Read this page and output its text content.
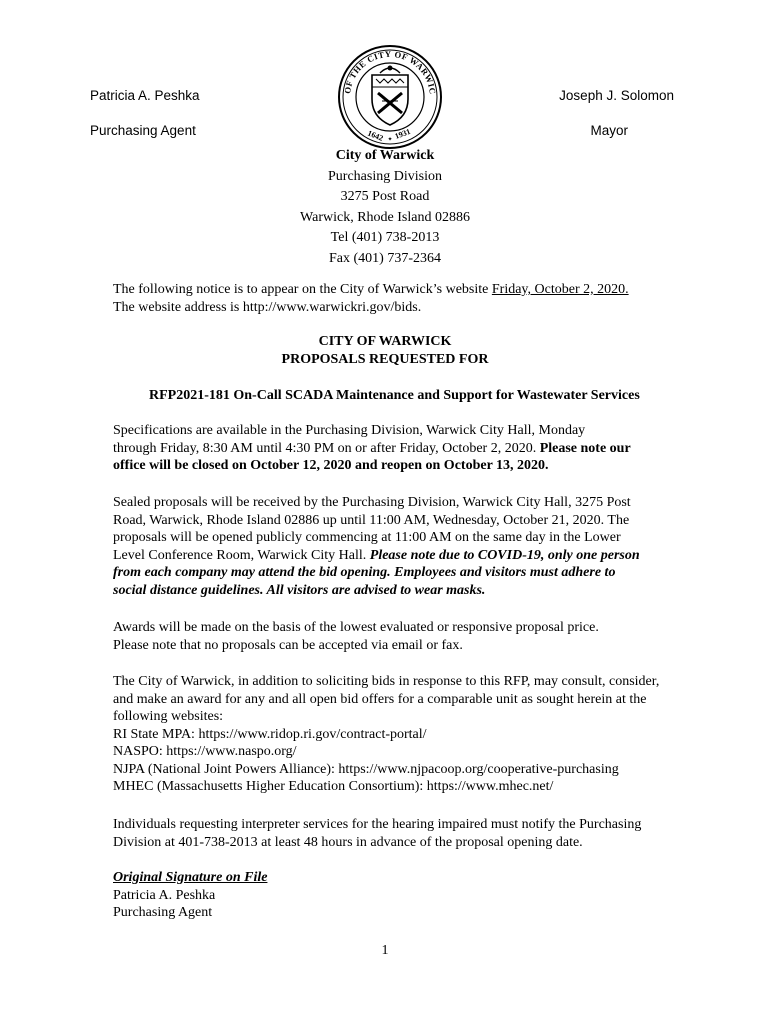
Patricia A. Peshka
Purchasing Agent
Joseph J. Solomon
Mayor
OF THE CITY OF WARWIC
1642 1931
✦
City of Warwick
Purchasing Division
3275 Post Road
Warwick, Rhode Island 02886
Tel (401) 738-2013
Fax (401) 737-2364
The following notice is to appear on the City of Warwick’s website Friday, October 2, 2020.
The website address is http://www.warwickri.gov/bids.
CITY OF WARWICK
PROPOSALS REQUESTED FOR
RFP2021-181 On-Call SCADA Maintenance and Support for Wastewater Services
Specifications are available in the Purchasing Division, Warwick City Hall, Monday
through Friday, 8:30 AM until 4:30 PM on or after Friday, October 2, 2020. Please note our
office will be closed on October 12, 2020 and reopen on October 13, 2020.
Sealed proposals will be received by the Purchasing Division, Warwick City Hall, 3275 Post
Road, Warwick, Rhode Island 02886 up until 11:00 AM, Wednesday, October 21, 2020. The
proposals will be opened publicly commencing at 11:00 AM on the same day in the Lower
Level Conference Room, Warwick City Hall. Please note due to COVID-19, only one person
from each company may attend the bid opening. Employees and visitors must adhere to
social distance guidelines. All visitors are advised to wear masks.
Awards will be made on the basis of the lowest evaluated or responsive proposal price.
Please note that no proposals can be accepted via email or fax.
The City of Warwick, in addition to soliciting bids in response to this RFP, may consult, consider,
and make an award for any and all open bid offers for a comparable unit as sought herein at the
following websites:
RI State MPA: https://www.ridop.ri.gov/contract-portal/
NASPO: https://www.naspo.org/
NJPA (National Joint Powers Alliance): https://www.njpacoop.org/cooperative-purchasing
MHEC (Massachusetts Higher Education Consortium): https://www.mhec.net/
Individuals requesting interpreter services for the hearing impaired must notify the Purchasing
Division at 401-738-2013 at least 48 hours in advance of the proposal opening date.
Original Signature on File
Patricia A. Peshka
Purchasing Agent
1
